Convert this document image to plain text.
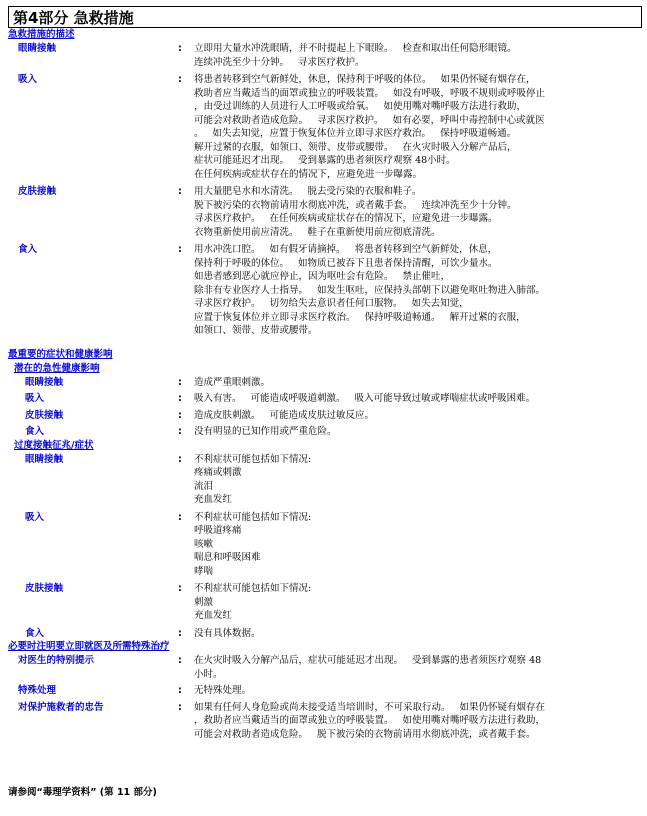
第4部分 急救措施
急救措施的描述
眼睛接触	:	立即用大量水冲洗眼睛，并不时提起上下眼睑。   检查和取出任何隐形眼镜。
连续冲洗至少十分钟。   寻求医疗救护。
吸入	:	将患者转移到空气新鲜处，休息，保持利于呼吸的体位。   如果仍怀疑有烟存在，
救助者应当戴适当的面罩或独立的呼吸装置。   如没有呼吸，呼吸不规则或呼吸停止
，由受过训练的人员进行人工呼吸或给氧。   如使用嘴对嘴呼吸方法进行救助，
可能会对救助者造成危险。   寻求医疗救护。   如有必要，呼叫中毒控制中心或就医
。   如失去知觉，应置于恢复体位并立即寻求医疗救治。   保持呼吸道畅通。
解开过紧的衣服，如领口、领带、皮带或腰带。   在火灾时吸入分解产品后，
症状可能延迟才出现。   受到暴露的患者须医疗观察 48小时。
在任何疾病或症状存在的情况下，应避免进一步曝露。
皮肤接触	:	用大量肥皂水和水清洗。   脱去受污染的衣服和鞋子。
脱下被污染的衣物前请用水彻底冲洗，或者戴手套。   连续冲洗至少十分钟。
寻求医疗救护。   在任何疾病或症状存在的情况下，应避免进一步曝露。
衣物重新使用前应清洗。   鞋子在重新使用前应彻底清洗。
食入	:	用水冲洗口腔。   如有假牙请摘掉。   将患者转移到空气新鲜处，休息，
保持利于呼吸的体位。   如物质已被吞下且患者保持清醒，可饮少量水。
如患者感到恶心就应停止，因为呕吐会有危险。   禁止催吐，
除非有专业医疗人士指导。   如发生呕吐，应保持头部朝下以避免呕吐物进入肺部。
寻求医疗救护。   切勿给失去意识者任何口服物。   如失去知觉，
应置于恢复体位并立即寻求医疗救治。   保持呼吸道畅通。   解开过紧的衣服，
如领口、领带、皮带或腰带。
最重要的症状和健康影响
潜在的急性健康影响
眼睛接触	:	造成严重眼刺激。
吸入	:	吸入有害。   可能造成呼吸道刺激。   吸入可能导致过敏或哮喘症状或呼吸困难。
皮肤接触	:	造成皮肤刺激。   可能造成皮肤过敏反应。
食入	:	没有明显的已知作用或严重危险。
过度接触征兆/症状
眼睛接触	:	不利症状可能包括如下情况:
疼痛或刺激
流泪
充血发红
吸入	:	不利症状可能包括如下情况:
呼吸道疼痛
咳嗽
喘息和呼吸困难
哮喘
皮肤接触	:	不利症状可能包括如下情况:
刺激
充血发红
食入	:	没有具体数据。
必要时注明要立即就医及所需特殊治疗
对医生的特别提示	:	在火灾时吸入分解产品后，症状可能延迟才出现。   受到暴露的患者须医疗观察 48
小时。
特殊处理	:	无特殊处理。
对保护施救者的忠告	:	如果有任何人身危险或尚未接受适当培训时，不可采取行动。   如果仍怀疑有烟存在
，救助者应当戴适当的面罩或独立的呼吸装置。   如使用嘴对嘴呼吸方法进行救助，
可能会对救助者造成危险。   脱下被污染的衣物前请用水彻底冲洗，或者戴手套。
请参阅“毒理学资料” (第 11 部分)
